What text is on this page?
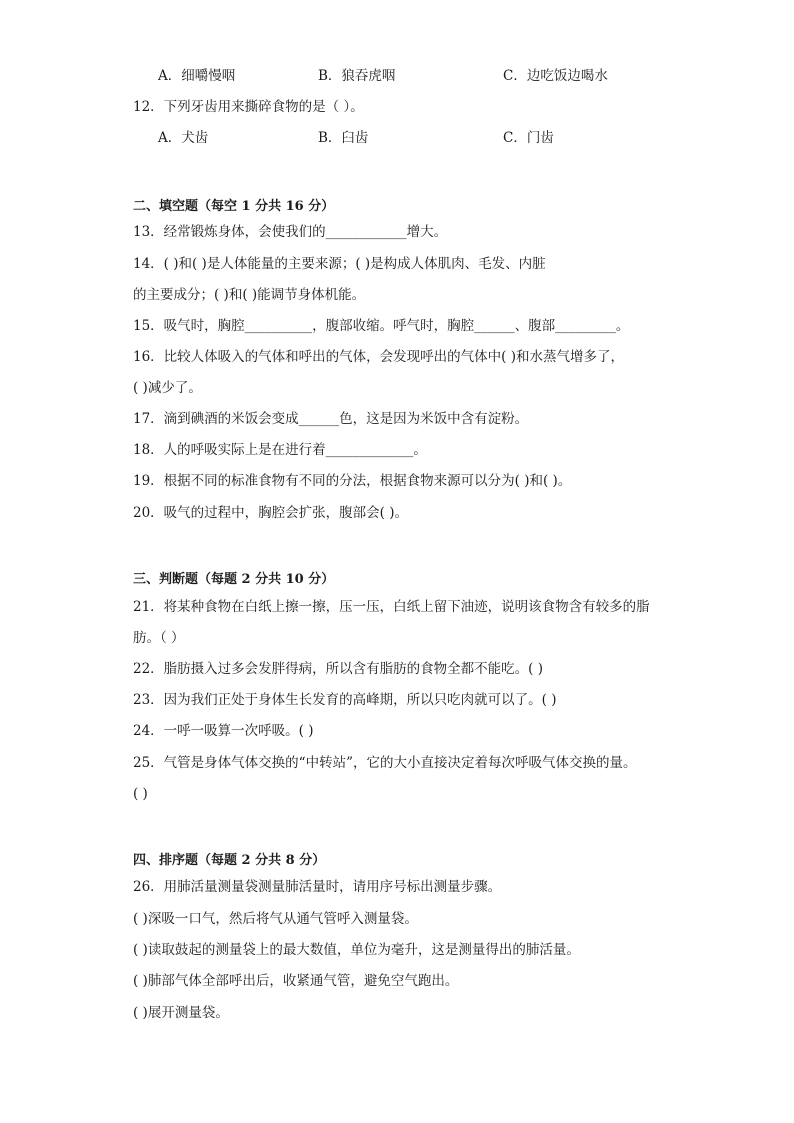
A．细嚼慢咽	B．狼吞虎咽	C．边吃饭边喝水
12．下列牙齿用来撕碎食物的是（ ）。
A．犬齿	B．臼齿	C．门齿
二、填空题（每空 1 分共 16 分）
13．经常锻炼身体，会使我们的____________增大。
14．( )和( )是人体能量的主要来源；( )是构成人体肌肉、毛发、内脏
的主要成分；( )和( )能调节身体机能。
15．吸气时，胸腔__________，腹部收缩。呼气时，胸腔______、腹部_________。
16．比较人体吸入的气体和呼出的气体，会发现呼出的气体中( )和水蒸气增多了，
( )减少了。
17．滴到碘酒的米饭会变成______色，这是因为米饭中含有淀粉。
18．人的呼吸实际上是在进行着_____________。
19．根据不同的标准食物有不同的分法，根据食物来源可以分为( )和( )。
20．吸气的过程中，胸腔会扩张，腹部会( )。
三、判断题（每题 2 分共 10 分）
21．将某种食物在白纸上擦一擦，压一压，白纸上留下油迹，说明该食物含有较多的脂
肪。（ ）
22．脂肪摄入过多会发胖得病，所以含有脂肪的食物全都不能吃。( )
23．因为我们正处于身体生长发育的高峰期，所以只吃肉就可以了。( )
24．一呼一吸算一次呼吸。( )
25．气管是身体气体交换的“中转站”，它的大小直接决定着每次呼吸气体交换的量。
( )
四、排序题（每题 2 分共 8 分）
26．用肺活量测量袋测量肺活量时，请用序号标出测量步骤。
( )深吸一口气，然后将气从通气管呼入测量袋。
( )读取鼓起的测量袋上的最大数值，单位为毫升，这是测量得出的肺活量。
( )肺部气体全部呼出后，收紧通气管，避免空气跑出。
( )展开测量袋。
